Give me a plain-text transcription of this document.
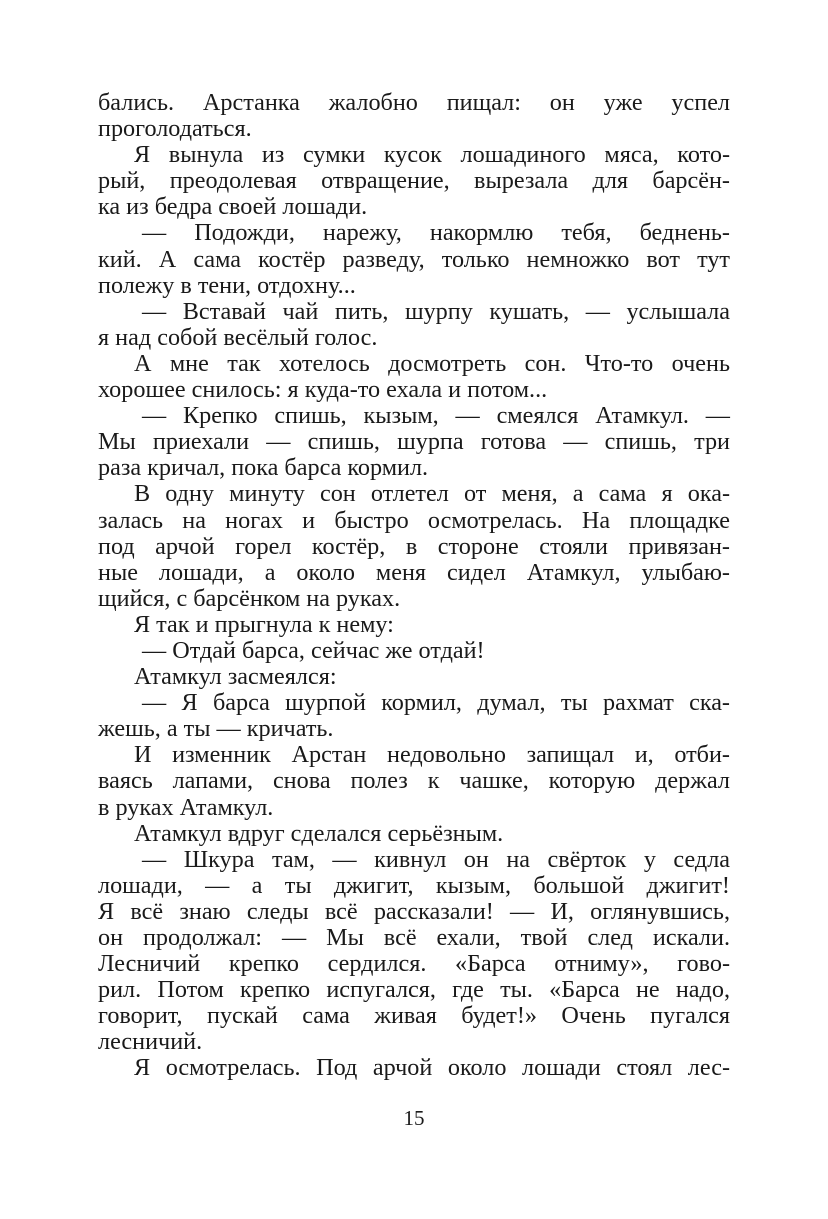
бались. Арстанка жалобно пищал: он уже успел
проголодаться.
Я вынула из сумки кусок лошадиного мяса, кото-
рый, преодолевая отвращение, вырезала для барсён-
ка из бедра своей лошади.
— Подожди, нарежу, накормлю тебя, беднень-
кий. А сама костёр разведу, только немножко вот тут
полежу в тени, отдохну...
— Вставай чай пить, шурпу кушать, — услышала
я над собой весёлый голос.
А мне так хотелось досмотреть сон. Что-то очень
хорошее снилось: я куда-то ехала и потом...
— Крепко спишь, кызым, — смеялся Атамкул. —
Мы приехали — спишь, шурпа готова — спишь, три
раза кричал, пока барса кормил.
В одну минуту сон отлетел от меня, а сама я ока-
залась на ногах и быстро осмотрелась. На площадке
под арчой горел костёр, в стороне стояли привязан-
ные лошади, а около меня сидел Атамкул, улыбаю-
щийся, с барсёнком на руках.
Я так и прыгнула к нему:
— Отдай барса, сейчас же отдай!
Атамкул засмеялся:
— Я барса шурпой кормил, думал, ты рахмат ска-
жешь, а ты — кричать.
И изменник Арстан недовольно запищал и, отби-
ваясь лапами, снова полез к чашке, которую держал
в руках Атамкул.
Атамкул вдруг сделался серьёзным.
— Шкура там, — кивнул он на свёрток у седла
лошади, — а ты джигит, кызым, большой джигит!
Я всё знаю следы всё рассказали! — И, оглянувшись,
он продолжал: — Мы всё ехали, твой след искали.
Лесничий крепко сердился. «Барса отниму», гово-
рил. Потом крепко испугался, где ты. «Барса не надо,
говорит, пускай сама живая будет!» Очень пугался
лесничий.
Я осмотрелась. Под арчой около лошади стоял лес-
15
